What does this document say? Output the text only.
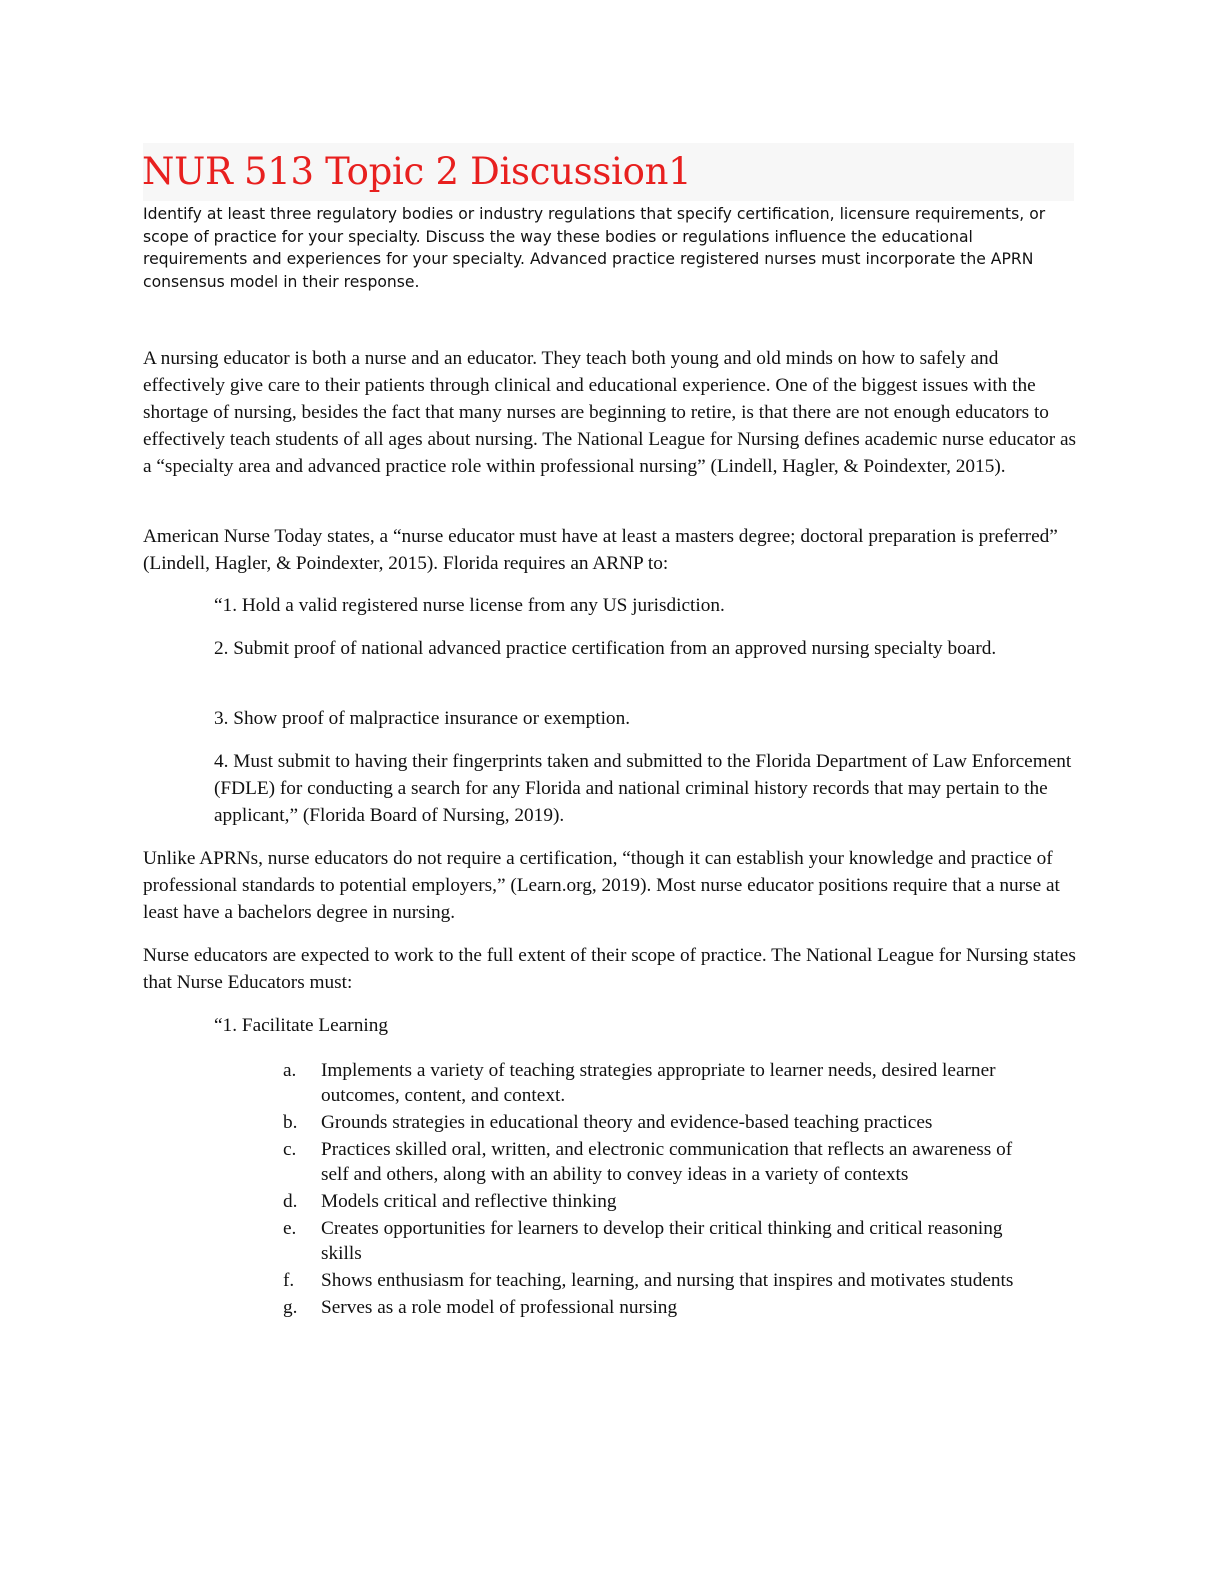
NUR 513 Topic 2 Discussion1

Identify at least three regulatory bodies or industry regulations that specify certification, licensure requirements, or scope of practice for your specialty. Discuss the way these bodies or regulations influence the educational requirements and experiences for your specialty. Advanced practice registered nurses must incorporate the APRN consensus model in their response.

A nursing educator is both a nurse and an educator. They teach both young and old minds on how to safely and effectively give care to their patients through clinical and educational experience. One of the biggest issues with the shortage of nursing, besides the fact that many nurses are beginning to retire, is that there are not enough educators to effectively teach students of all ages about nursing. The National League for Nursing defines academic nurse educator as a “specialty area and advanced practice role within professional nursing” (Lindell, Hagler, & Poindexter, 2015).

American Nurse Today states, a “nurse educator must have at least a masters degree; doctoral preparation is preferred” (Lindell, Hagler, & Poindexter, 2015). Florida requires an ARNP to:

“1. Hold a valid registered nurse license from any US jurisdiction.

2. Submit proof of national advanced practice certification from an approved nursing specialty board.

3. Show proof of malpractice insurance or exemption.

4. Must submit to having their fingerprints taken and submitted to the Florida Department of Law Enforcement (FDLE) for conducting a search for any Florida and national criminal history records that may pertain to the applicant,” (Florida Board of Nursing, 2019).

Unlike APRNs, nurse educators do not require a certification, “though it can establish your knowledge and practice of professional standards to potential employers,” (Learn.org, 2019). Most nurse educator positions require that a nurse at least have a bachelors degree in nursing.

Nurse educators are expected to work to the full extent of their scope of practice. The National League for Nursing states that Nurse Educators must:

“1. Facilitate Learning

a.	Implements a variety of teaching strategies appropriate to learner needs, desired learner outcomes, content, and context.
b.	Grounds strategies in educational theory and evidence-based teaching practices
c.	Practices skilled oral, written, and electronic communication that reflects an awareness of self and others, along with an ability to convey ideas in a variety of contexts
d.	Models critical and reflective thinking
e.	Creates opportunities for learners to develop their critical thinking and critical reasoning skills
f.	Shows enthusiasm for teaching, learning, and nursing that inspires and motivates students
g.	Serves as a role model of professional nursing
